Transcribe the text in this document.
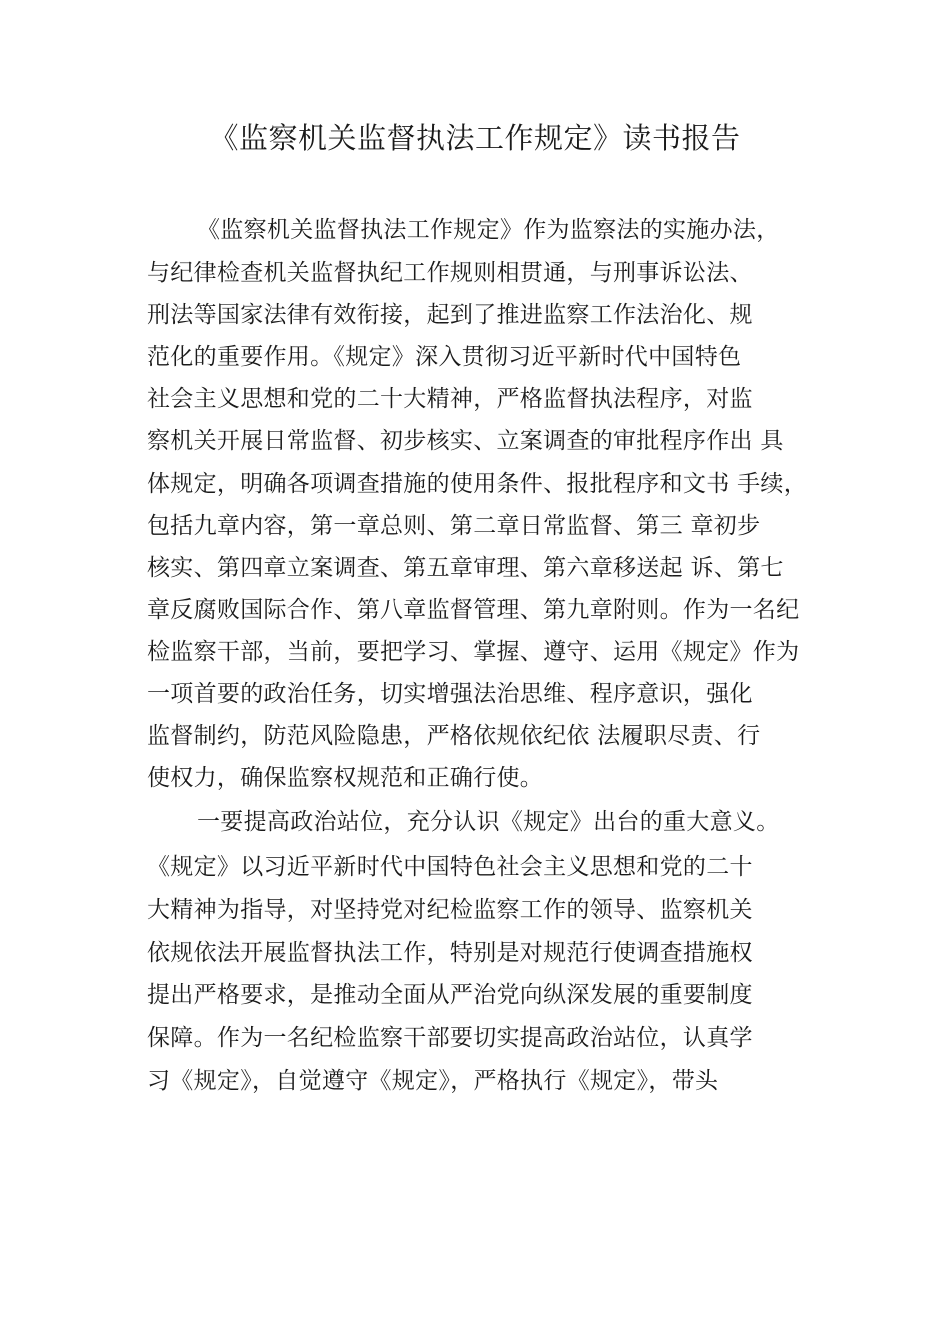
《监察机关监督执法工作规定》读书报告
《监察机关监督执法工作规定》作为监察法的实施办法，
与纪律检查机关监督执纪工作规则相贯通，与刑事诉讼法、
刑法等国家法律有效衔接，起到了推进监察工作法治化、规
范化的重要作用。《规定》深入贯彻习近平新时代中国特色
社会主义思想和党的二十大精神，严格监督执法程序，对监
察机关开展日常监督、初步核实、立案调查的审批程序作出 具
体规定，明确各项调查措施的使用条件、报批程序和文书 手续，
包括九章内容，第一章总则、第二章日常监督、第三 章初步
核实、第四章立案调查、第五章审理、第六章移送起 诉、第七
章反腐败国际合作、第八章监督管理、第九章附则。作为一名纪
检监察干部，当前，要把学习、掌握、遵守、运用《规定》作为
一项首要的政治任务，切实增强法治思维、程序意识，强化
监督制约，防范风险隐患，严格依规依纪依 法履职尽责、行
使权力，确保监察权规范和正确行使。
一要提高政治站位，充分认识《规定》出台的重大意义。
《规定》以习近平新时代中国特色社会主义思想和党的二十
大精神为指导，对坚持党对纪检监察工作的领导、监察机关
依规依法开展监督执法工作，特别是对规范行使调查措施权
提出严格要求，是推动全面从严治党向纵深发展的重要制度
保障。作为一名纪检监察干部要切实提高政治站位，认真学
习《规定》，自觉遵守《规定》，严格执行《规定》，带头
